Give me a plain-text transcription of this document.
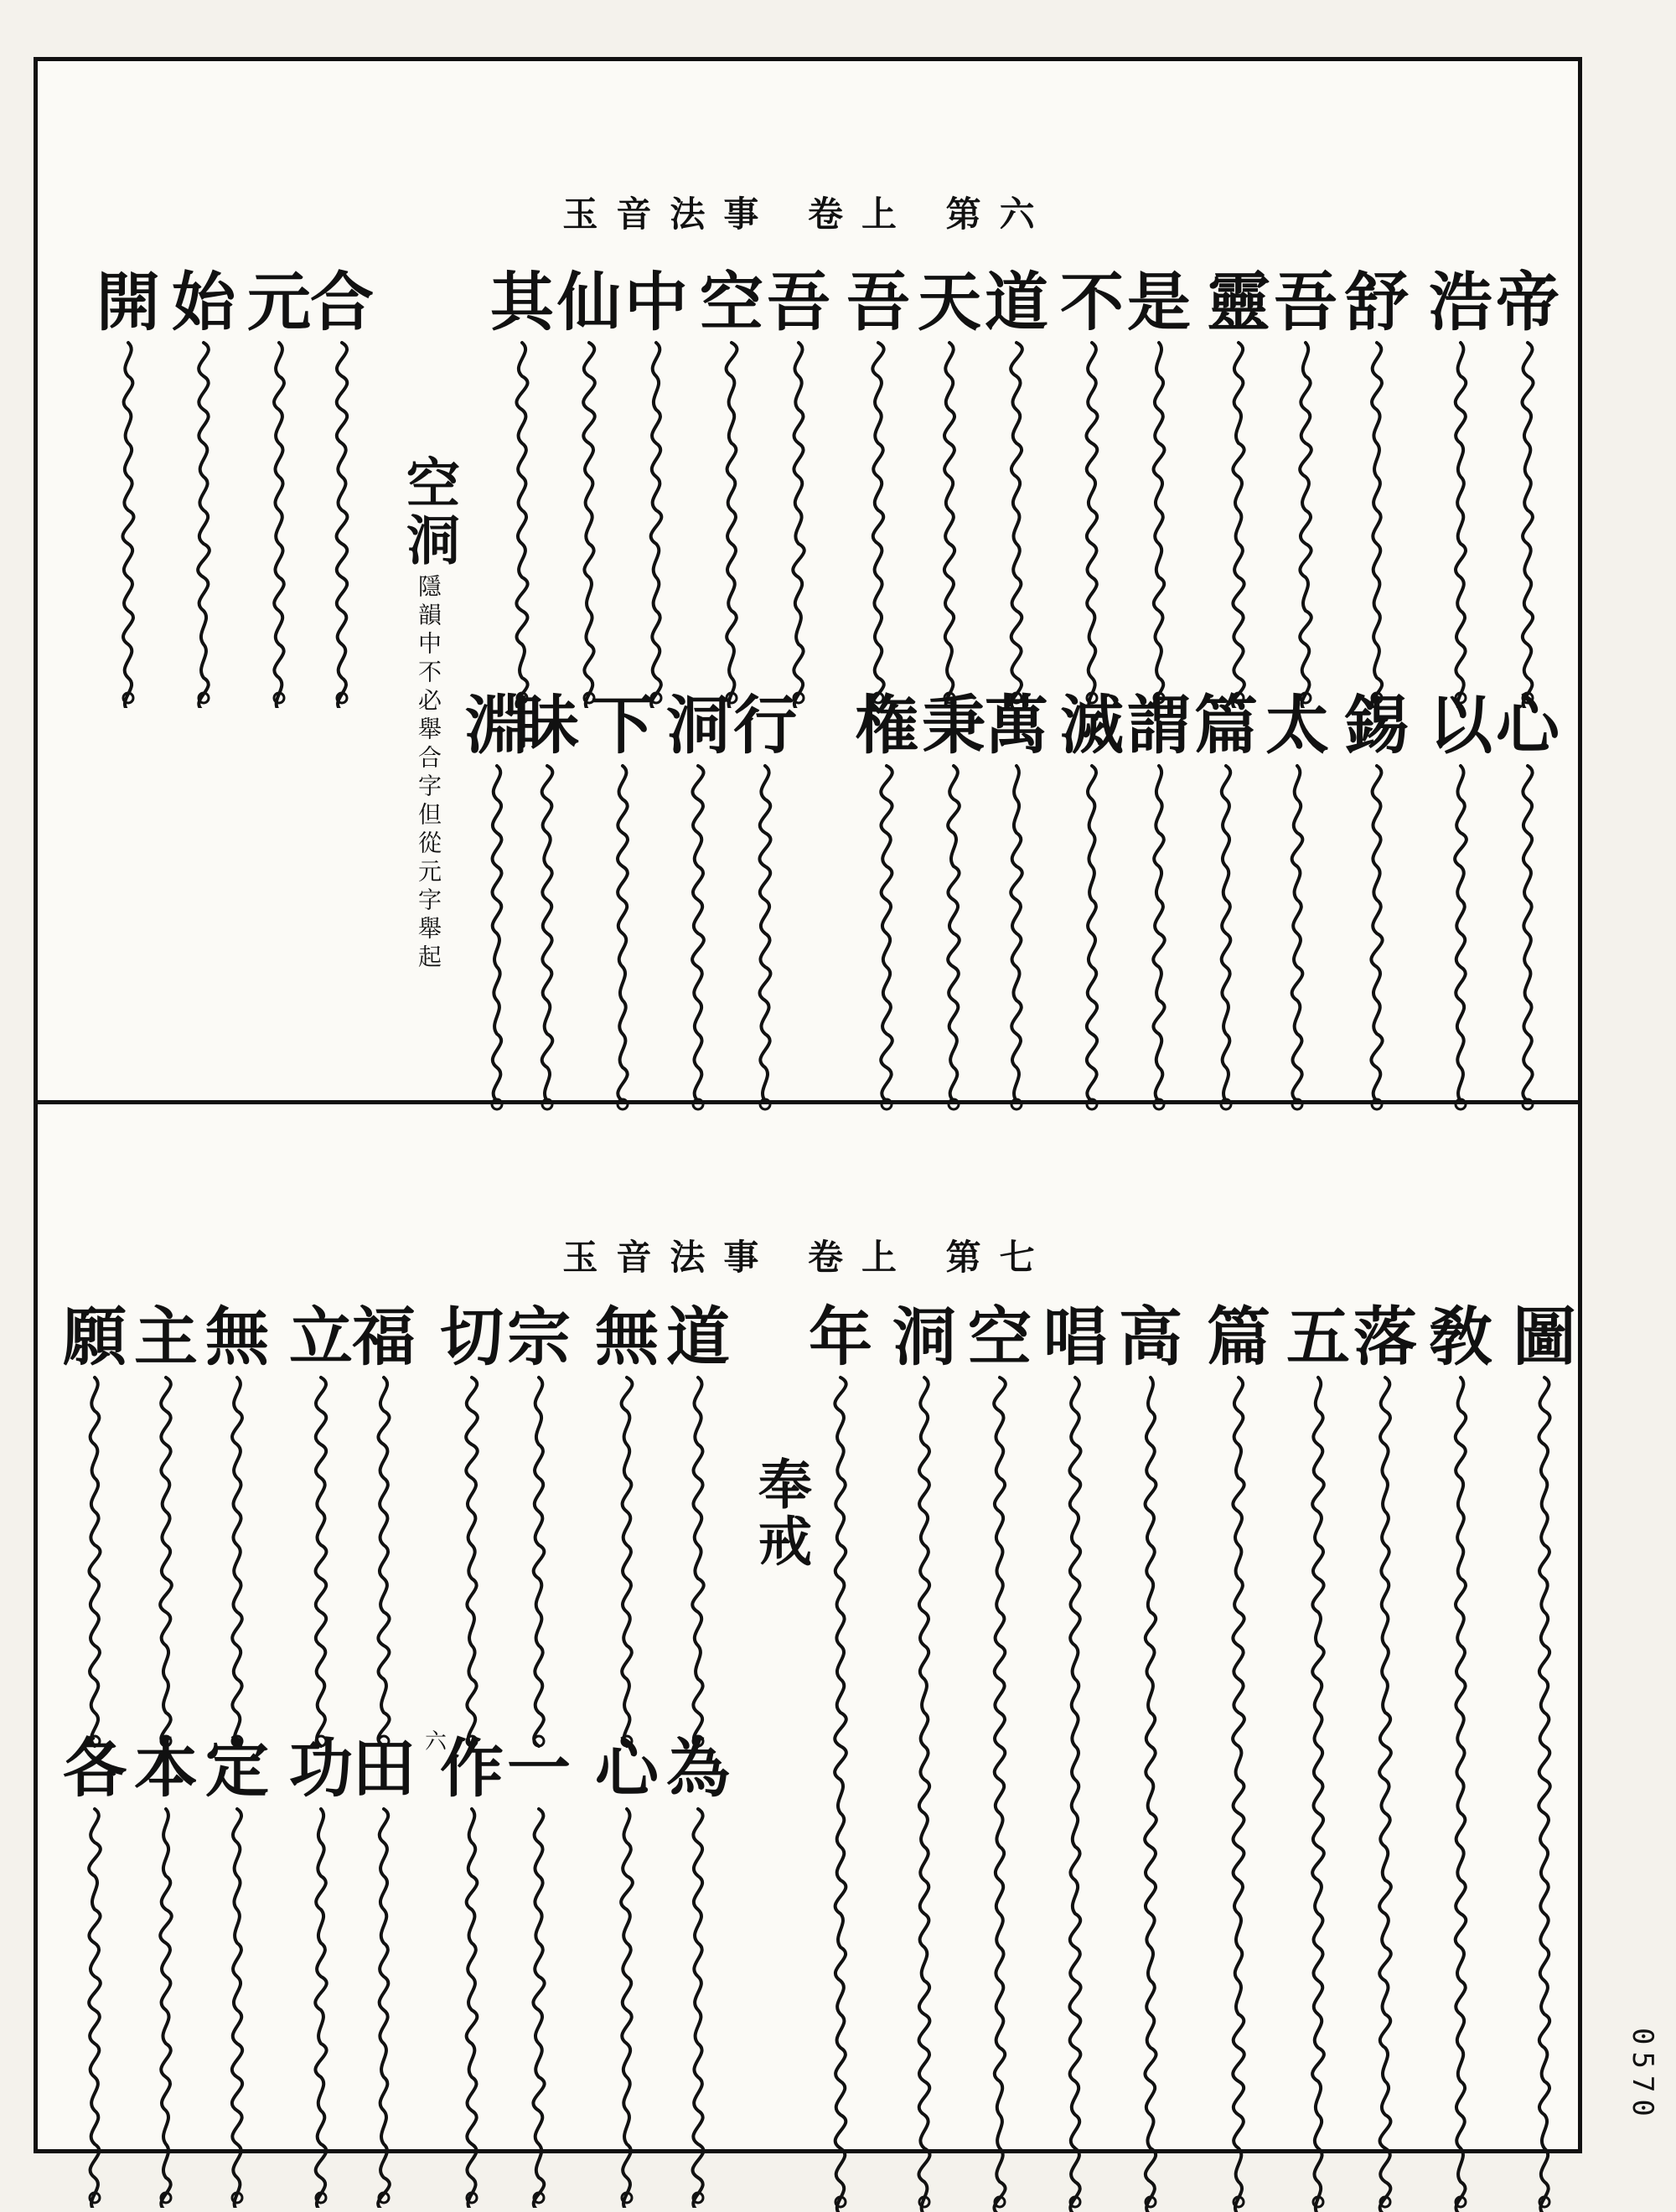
玉音法事 卷上 第六
帝
浩
舒
吾
靈
是
不
道
天
吾
吾
空
中
仙
其
合
元
始
開
心
以
錫
太
篇
謂
滅
萬
秉
権
行
洞
下
眛
淵
空洞 隱韻中不必舉合字但從元字舉起
玉音法事 卷上 第七
圖
敎
落
五
篇
高
唱
空
洞
年
道
無
宗
切
福
立
無
主
願
為
心
一
作
田
功
定
本
各
奉戒
六
0570
